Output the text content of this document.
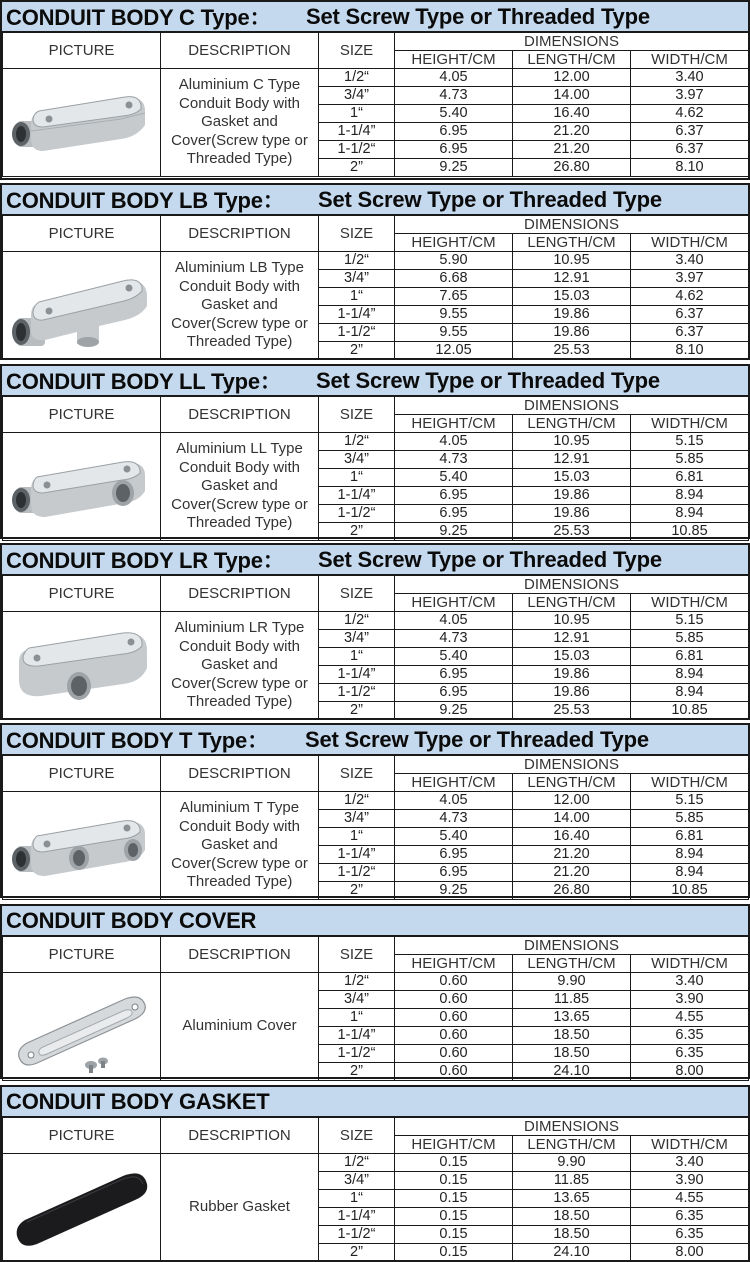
CONDUIT BODY C Type： Set Screw Type or Threaded Type
PICTURE	DESCRIPTION	SIZE	DIMENSIONS		
			HEIGHT/CM	LENGTH/CM	WIDTH/CM

	Aluminium C Type Conduit Body with Gasket and Cover(Screw type or Threaded Type)	1/2“	4.05	12.00	3.40
		3/4”	4.73	14.00	3.97
		1“	5.40	16.40	4.62
		1-1/4”	6.95	21.20	6.37
		1-1/2“	6.95	21.20	6.37
		2”	9.25	26.80	8.10
CONDUIT BODY LB Type： Set Screw Type or Threaded Type
PICTURE	DESCRIPTION	SIZE	DIMENSIONS		
			HEIGHT/CM	LENGTH/CM	WIDTH/CM

	Aluminium LB Type Conduit Body with Gasket and Cover(Screw type or Threaded Type)	1/2“	5.90	10.95	3.40
		3/4”	6.68	12.91	3.97
		1“	7.65	15.03	4.62
		1-1/4”	9.55	19.86	6.37
		1-1/2“	9.55	19.86	6.37
		2”	12.05	25.53	8.10
CONDUIT BODY LL Type： Set Screw Type or Threaded Type
PICTURE	DESCRIPTION	SIZE	DIMENSIONS		
			HEIGHT/CM	LENGTH/CM	WIDTH/CM

	Aluminium LL Type Conduit Body with Gasket and Cover(Screw type or Threaded Type)	1/2“	4.05	10.95	5.15
		3/4”	4.73	12.91	5.85
		1“	5.40	15.03	6.81
		1-1/4”	6.95	19.86	8.94
		1-1/2“	6.95	19.86	8.94
		2”	9.25	25.53	10.85
CONDUIT BODY LR Type： Set Screw Type or Threaded Type
PICTURE	DESCRIPTION	SIZE	DIMENSIONS		
			HEIGHT/CM	LENGTH/CM	WIDTH/CM

	Aluminium LR Type Conduit Body with Gasket and Cover(Screw type or Threaded Type)	1/2“	4.05	10.95	5.15
		3/4”	4.73	12.91	5.85
		1“	5.40	15.03	6.81
		1-1/4”	6.95	19.86	8.94
		1-1/2“	6.95	19.86	8.94
		2”	9.25	25.53	10.85
CONDUIT BODY T Type： Set Screw Type or Threaded Type
PICTURE	DESCRIPTION	SIZE	DIMENSIONS		
			HEIGHT/CM	LENGTH/CM	WIDTH/CM

	Aluminium T Type Conduit Body with Gasket and Cover(Screw type or Threaded Type)	1/2“	4.05	12.00	5.15
		3/4”	4.73	14.00	5.85
		1“	5.40	16.40	6.81
		1-1/4”	6.95	21.20	8.94
		1-1/2“	6.95	21.20	8.94
		2”	9.25	26.80	10.85
CONDUIT BODY COVER
PICTURE	DESCRIPTION	SIZE	DIMENSIONS		
			HEIGHT/CM	LENGTH/CM	WIDTH/CM

	Aluminium Cover	1/2“	0.60	9.90	3.40
		3/4”	0.60	11.85	3.90
		1“	0.60	13.65	4.55
		1-1/4”	0.60	18.50	6.35
		1-1/2“	0.60	18.50	6.35
		2”	0.60	24.10	8.00
CONDUIT BODY GASKET
PICTURE	DESCRIPTION	SIZE	DIMENSIONS		
			HEIGHT/CM	LENGTH/CM	WIDTH/CM

	Rubber Gasket	1/2“	0.15	9.90	3.40
		3/4”	0.15	11.85	3.90
		1“	0.15	13.65	4.55
		1-1/4”	0.15	18.50	6.35
		1-1/2“	0.15	18.50	6.35
		2”	0.15	24.10	8.00
